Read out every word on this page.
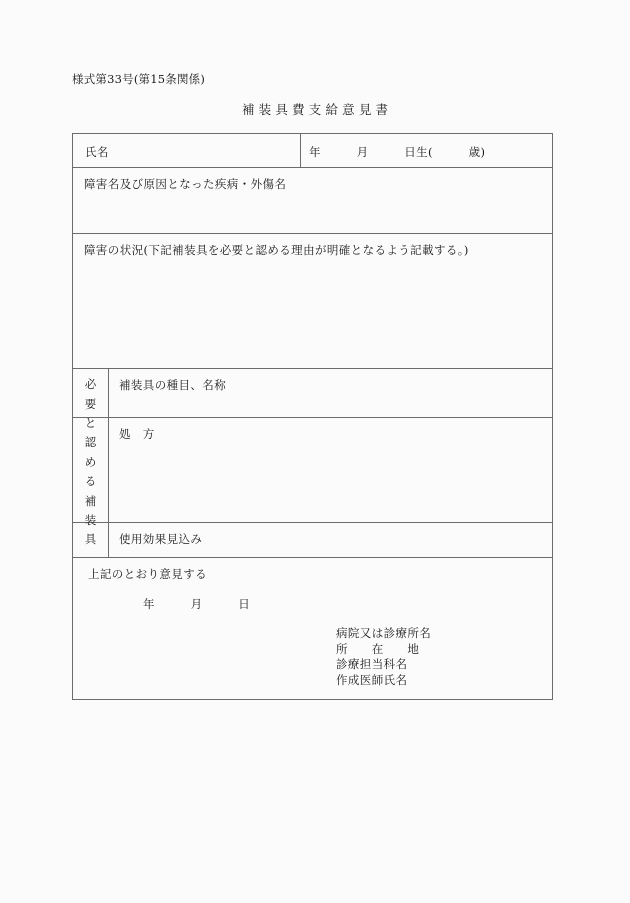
様式第33号(第15条関係)
補装具費支給意見書
氏名	年　　　月　　　日生(　　　歳)
障害名及び原因となった疾病・外傷名
障害の状況(下記補装具を必要と認める理由が明確となるよう記載する。)
必
要
と
認
め
る
補
装
具
補装具の種目、名称
処　方
使用効果見込み
上記のとおり意見する
年　　　月　　　日
病院又は診療所名
所　　在　　地
診療担当科名
作成医師氏名
